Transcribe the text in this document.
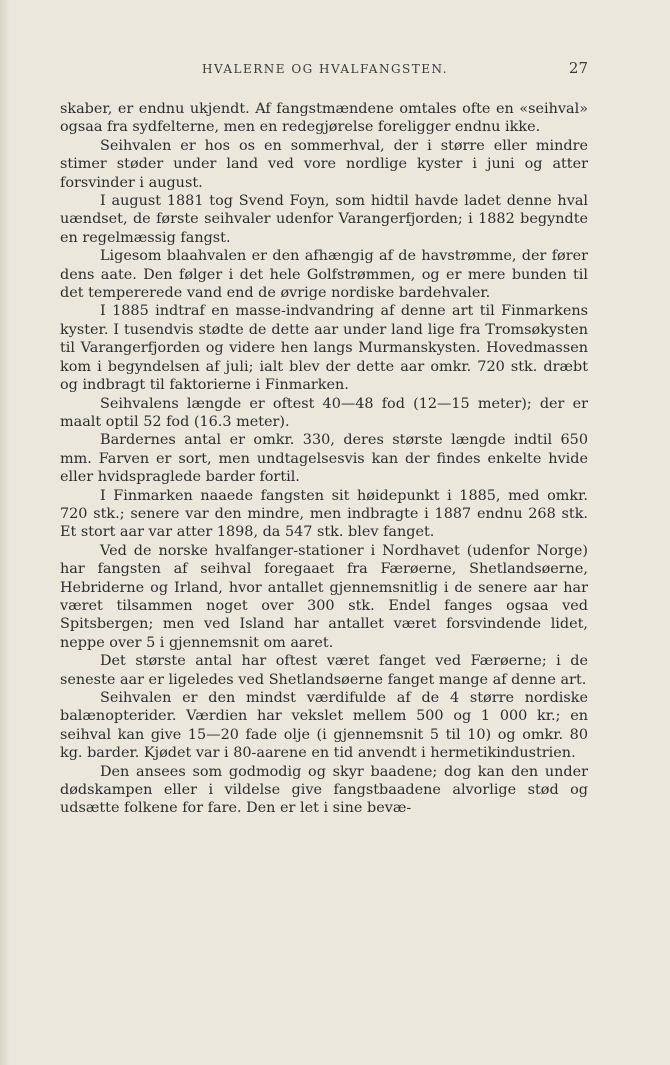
HVALERNE OG HVALFANGSTEN.	27

skaber, er endnu ukjendt. Af fangstmændene omtales ofte en «seihval» ogsaa fra sydfelterne, men en redegjørelse foreligger endnu ikke.

Seihvalen er hos os en sommerhval, der i større eller mindre stimer støder under land ved vore nordlige kyster i juni og atter forsvinder i august.

I august 1881 tog Svend Foyn, som hidtil havde ladet denne hval uændset, de første seihvaler udenfor Varangerfjorden; i 1882 begyndte en regelmæssig fangst.

Ligesom blaahvalen er den afhængig af de havstrømme, der fører dens aate. Den følger i det hele Golfstrømmen, og er mere bunden til det tempererede vand end de øvrige nordiske bardehvaler.

I 1885 indtraf en masse-indvandring af denne art til Finmarkens kyster. I tusendvis stødte de dette aar under land lige fra Tromsøkysten til Varangerfjorden og videre hen langs Murmanskysten. Hovedmassen kom i begyndelsen af juli; ialt blev der dette aar omkr. 720 stk. dræbt og indbragt til faktorierne i Finmarken.

Seihvalens længde er oftest 40—48 fod (12—15 meter); der er maalt optil 52 fod (16.3 meter).

Bardernes antal er omkr. 330, deres største længde indtil 650 mm. Farven er sort, men undtagelsesvis kan der findes enkelte hvide eller hvidspraglede barder fortil.

I Finmarken naaede fangsten sit høidepunkt i 1885, med omkr. 720 stk.; senere var den mindre, men indbragte i 1887 endnu 268 stk. Et stort aar var atter 1898, da 547 stk. blev fanget.

Ved de norske hvalfanger-stationer i Nordhavet (udenfor Norge) har fangsten af seihval foregaaet fra Færøerne, Shetlandsøerne, Hebriderne og Irland, hvor antallet gjennemsnitlig i de senere aar har været tilsammen noget over 300 stk. Endel fanges ogsaa ved Spitsbergen; men ved Island har antallet været forsvindende lidet, neppe over 5 i gjennemsnit om aaret.

Det største antal har oftest været fanget ved Færøerne; i de seneste aar er ligeledes ved Shetlandsøerne fanget mange af denne art.

Seihvalen er den mindst værdifulde af de 4 større nordiske balænopterider. Værdien har vekslet mellem 500 og 1 000 kr.; en seihval kan give 15—20 fade olje (i gjennemsnit 5 til 10) og omkr. 80 kg. barder. Kjødet var i 80-aarene en tid anvendt i hermetikindustrien.

Den ansees som godmodig og skyr baadene; dog kan den under dødskampen eller i vildelse give fangstbaadene alvorlige stød og udsætte folkene for fare. Den er let i sine bevæ-
